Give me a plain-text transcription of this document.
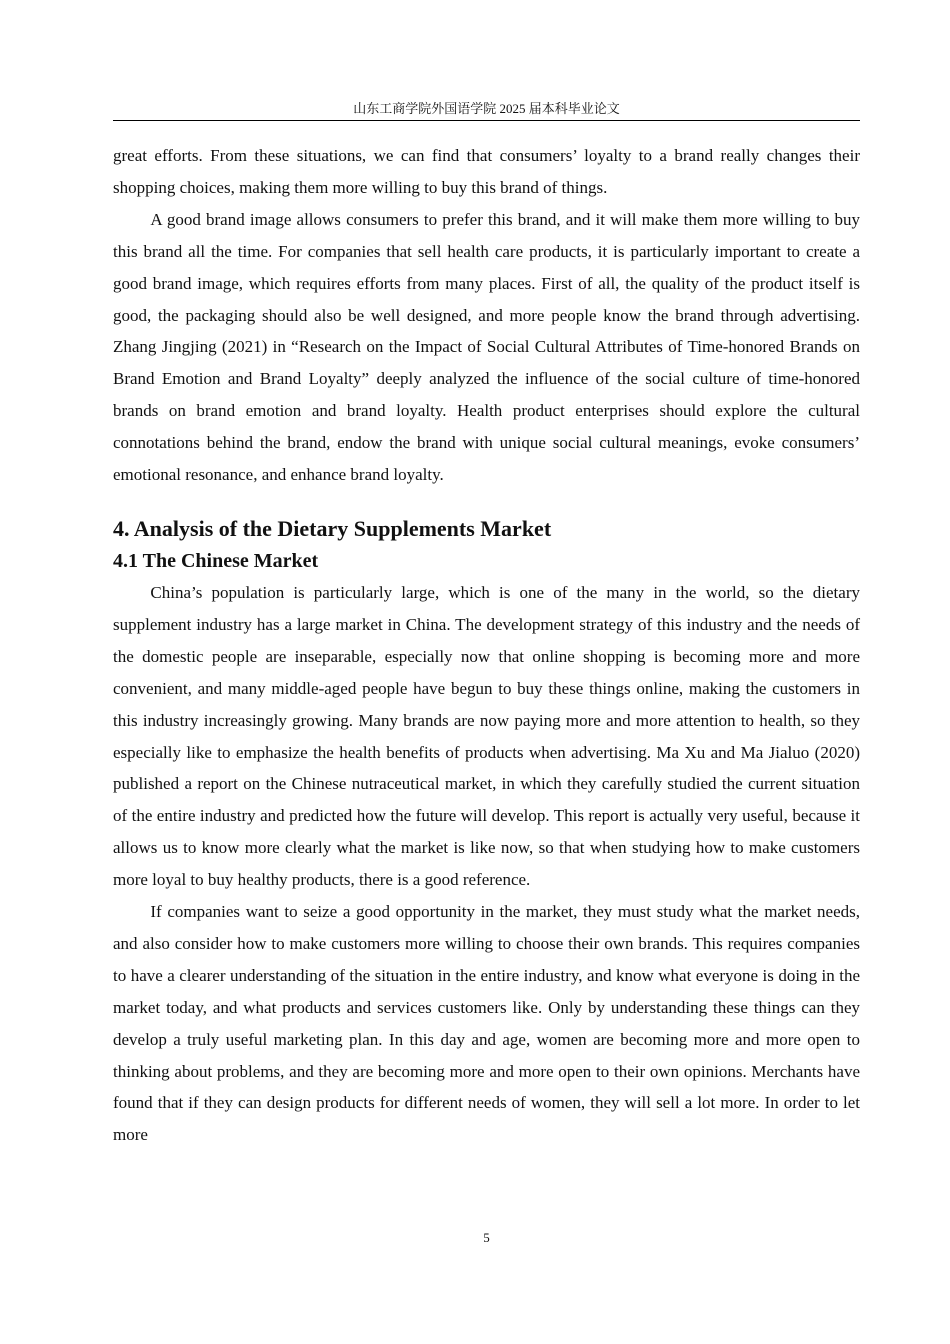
山东工商学院外国语学院 2025 届本科毕业论文

great efforts. From these situations, we can find that consumers’ loyalty to a brand really changes their shopping choices, making them more willing to buy this brand of things.

A good brand image allows consumers to prefer this brand, and it will make them more willing to buy this brand all the time. For companies that sell health care products, it is particularly important to create a good brand image, which requires efforts from many places. First of all, the quality of the product itself is good, the packaging should also be well designed, and more people know the brand through advertising. Zhang Jingjing (2021) in “Research on the Impact of Social Cultural Attributes of Time-honored Brands on Brand Emotion and Brand Loyalty” deeply analyzed the influence of the social culture of time-honored brands on brand emotion and brand loyalty. Health product enterprises should explore the cultural connotations behind the brand, endow the brand with unique social cultural meanings, evoke consumers’ emotional resonance, and enhance brand loyalty.

4. Analysis of the Dietary Supplements Market
4.1 The Chinese Market

China’s population is particularly large, which is one of the many in the world, so the dietary supplement industry has a large market in China. The development strategy of this industry and the needs of the domestic people are inseparable, especially now that online shopping is becoming more and more convenient, and many middle-aged people have begun to buy these things online, making the customers in this industry increasingly growing. Many brands are now paying more and more attention to health, so they especially like to emphasize the health benefits of products when advertising. Ma Xu and Ma Jialuo (2020) published a report on the Chinese nutraceutical market, in which they carefully studied the current situation of the entire industry and predicted how the future will develop. This report is actually very useful, because it allows us to know more clearly what the market is like now, so that when studying how to make customers more loyal to buy healthy products, there is a good reference.

If companies want to seize a good opportunity in the market, they must study what the market needs, and also consider how to make customers more willing to choose their own brands. This requires companies to have a clearer understanding of the situation in the entire industry, and know what everyone is doing in the market today, and what products and services customers like. Only by understanding these things can they develop a truly useful marketing plan. In this day and age, women are becoming more and more open to thinking about problems, and they are becoming more and more open to their own opinions. Merchants have found that if they can design products for different needs of women, they will sell a lot more. In order to let more

5
